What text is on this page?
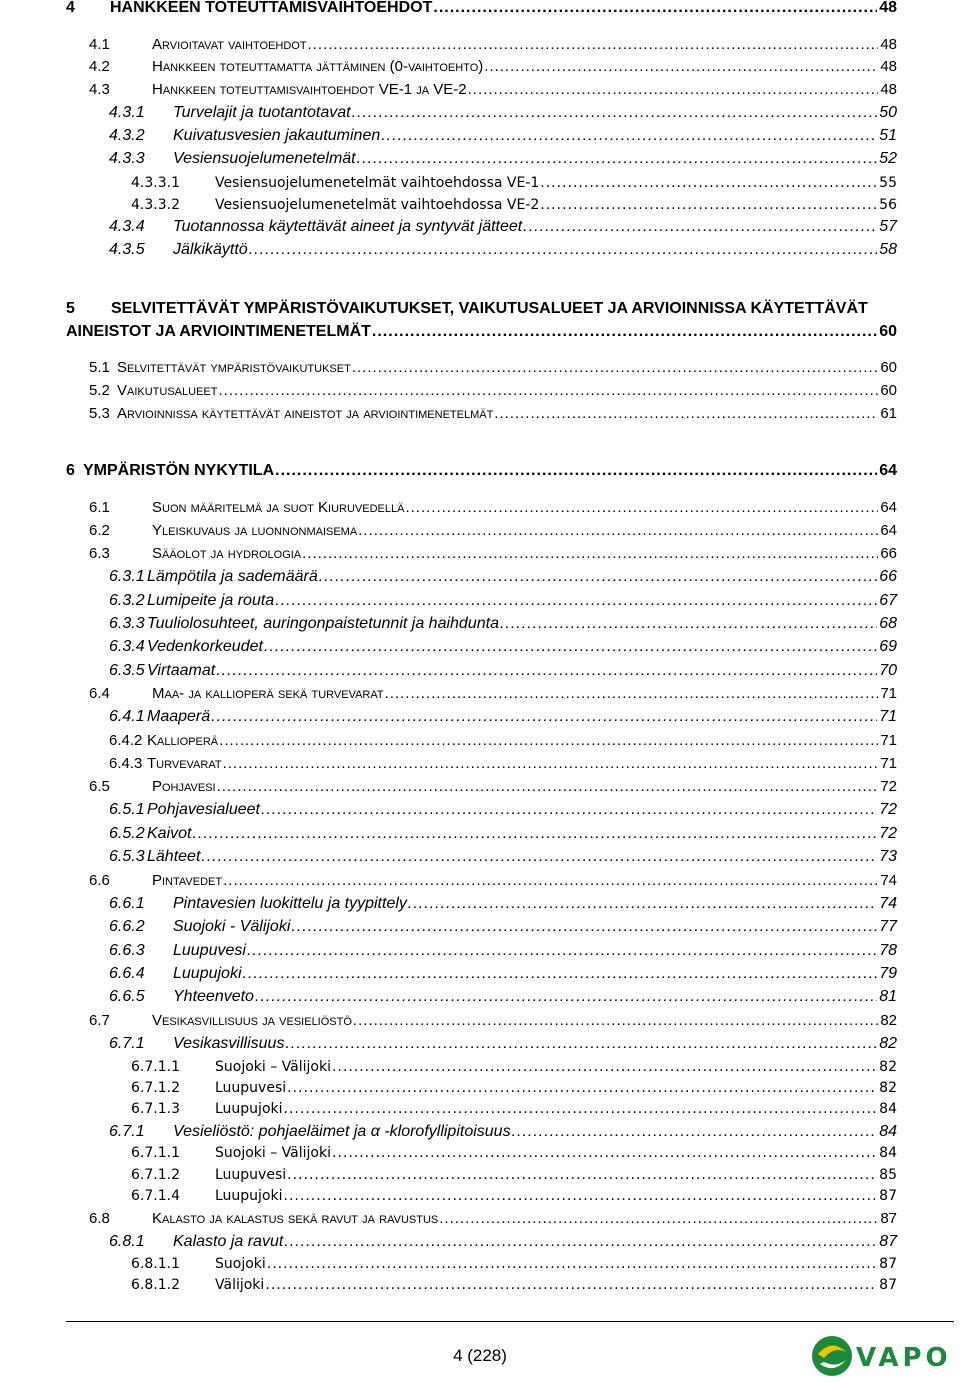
4	HANKKEEN TOTEUTTAMISVAIHTOEHDOT .....	48
4.1	Arvioitavat vaihtoehdot .....	48
4.2	Hankkeen toteuttamatta jättäminen (0-vaihtoehto) .....	48
4.3	Hankkeen toteuttamisvaihtoehdot VE-1 ja VE-2 .....	48
4.3.1	Turvelajit ja tuotantotavat .....	50
4.3.2	Kuivatusvesien jakautuminen .....	51
4.3.3	Vesiensuojelumenetelmät .....	52
4.3.3.1	Vesiensuojelumenetelmät vaihtoehdossa VE-1 .....	55
4.3.3.2	Vesiensuojelumenetelmät vaihtoehdossa VE-2 .....	56
4.3.4	Tuotannossa käytettävät aineet ja syntyvät jätteet .....	57
4.3.5	Jälkikäyttö .....	58
5	SELVITETTÄVÄT YMPÄRISTÖVAIKUTUKSET, VAIKUTUSALUEET JA ARVIOINNISSA KÄYTETTÄVÄT
AINEISTOT JA ARVIOINTIMENETELMÄT .....	60
5.1 Selvitettävät ympäristövaikutukset .....	60
5.2 Vaikutusalueet .....	60
5.3 Arvioinnissa käytettävät aineistot ja arviointimenetelmät .....	61
6 YMPÄRISTÖN NYKYTILA .....	64
6.1	Suon määritelmä ja suot Kiuruvedellä .....	64
6.2	Yleiskuvaus ja luonnonmaisema .....	64
6.3	Sääolot ja hydrologia .....	66
6.3.1 Lämpötila ja sademäärä .....	66
6.3.2 Lumipeite ja routa .....	67
6.3.3 Tuuliolosuhteet, auringonpaistetunnit ja haihdunta .....	68
6.3.4 Vedenkorkeudet .....	69
6.3.5 Virtaamat .....	70
6.4	Maa- ja kallioperä sekä turvevarat .....	71
6.4.1 Maaperä .....	71
6.4.2 Kallioperä .....	71
6.4.3 Turvevarat .....	71
6.5	Pohjavesi .....	72
6.5.1 Pohjavesialueet .....	72
6.5.2 Kaivot .....	72
6.5.3 Lähteet .....	73
6.6	Pintavedet .....	74
6.6.1	Pintavesien luokittelu ja tyypittely .....	74
6.6.2	Suojoki - Välijoki .....	77
6.6.3	Luupuvesi .....	78
6.6.4	Luupujoki .....	79
6.6.5	Yhteenveto .....	81
6.7	Vesikasvillisuus ja vesieliöstö .....	82
6.7.1	Vesikasvillisuus .....	82
6.7.1.1	Suojoki – Välijoki .....	82
6.7.1.2	Luupuvesi .....	82
6.7.1.3	Luupujoki .....	84
6.7.1	Vesieliöstö: pohjaeläimet ja α -klorofyllipitoisuus .....	84
6.7.1.1	Suojoki – Välijoki .....	84
6.7.1.2	Luupuvesi .....	85
6.7.1.4	Luupujoki .....	87
6.8	Kalasto ja kalastus sekä ravut ja ravustus .....	87
6.8.1	Kalasto ja ravut .....	87
6.8.1.1	Suojoki .....	87
6.8.1.2	Välijoki .....	87
4 (228)	VAPO
